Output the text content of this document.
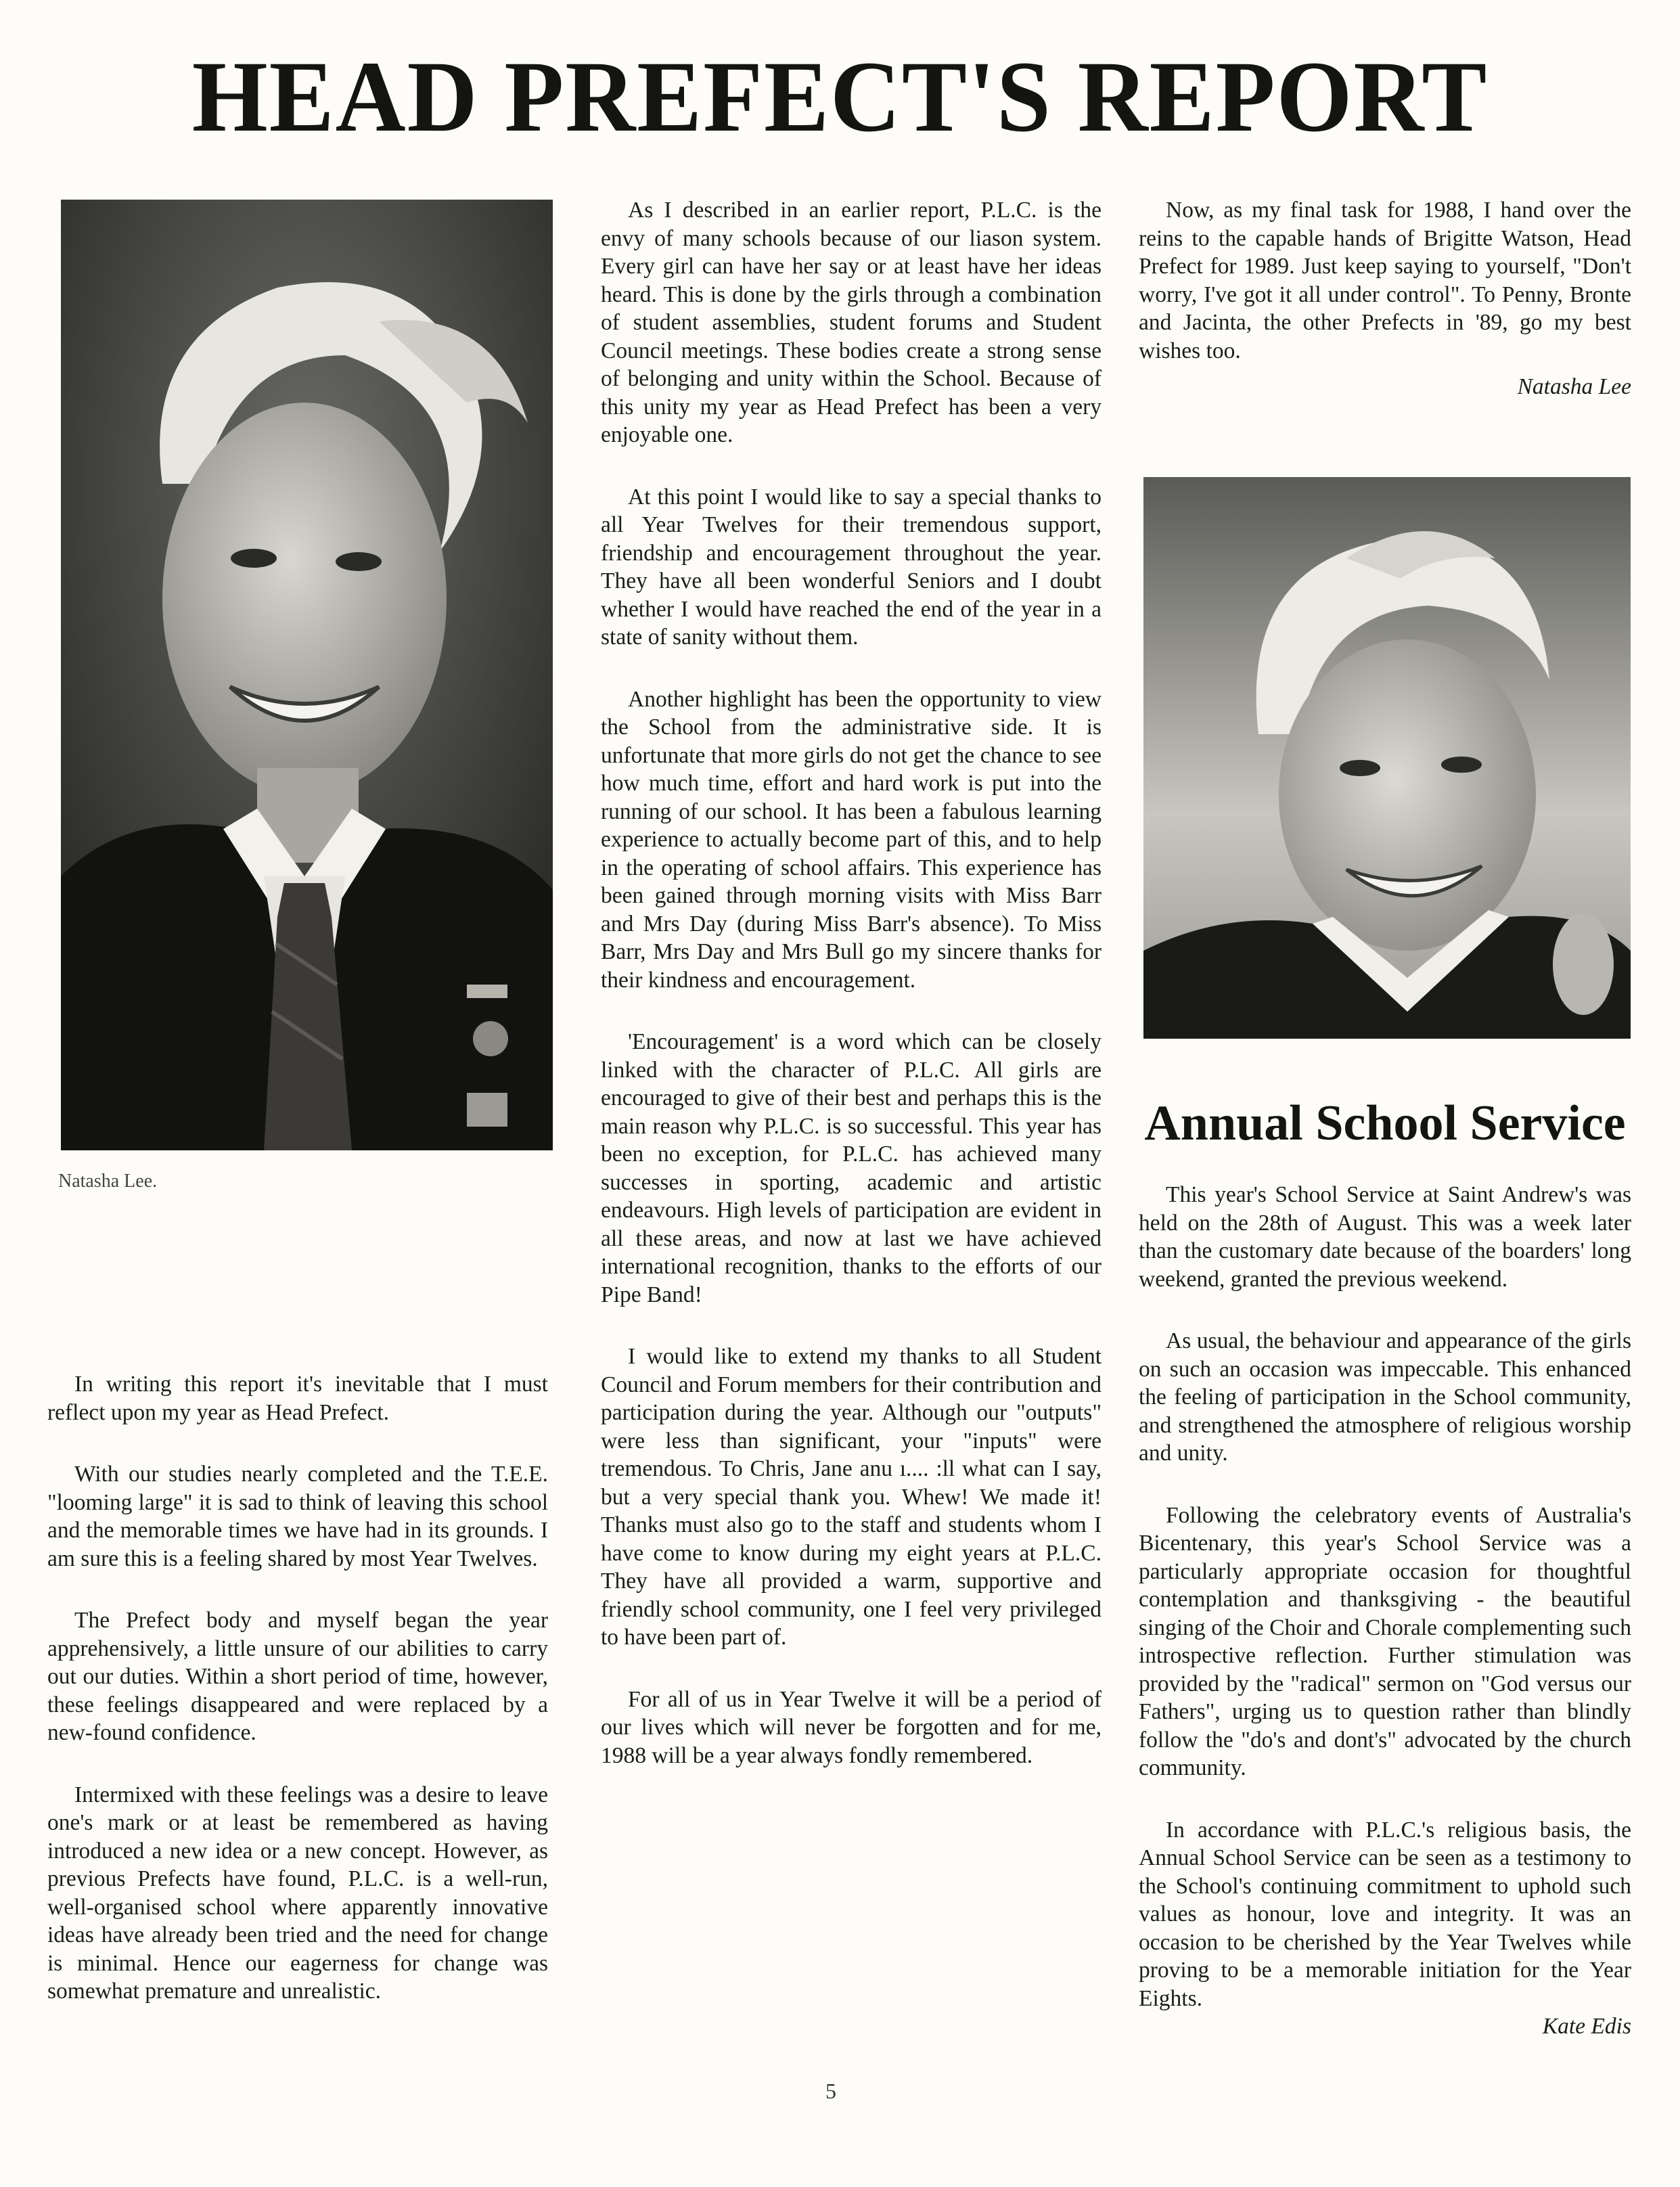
HEAD PREFECT'S REPORT
Natasha Lee.

In writing this report it's inevitable that I must reflect upon my year as Head Prefect.

With our studies nearly completed and the T.E.E. "looming large" it is sad to think of leaving this school and the memorable times we have had in its grounds. I am sure this is a feeling shared by most Year Twelves.

The Prefect body and myself began the year apprehensively, a little unsure of our abilities to carry out our duties. Within a short period of time, however, these feelings disappeared and were replaced by a new-found confidence.

Intermixed with these feelings was a desire to leave one's mark or at least be remembered as having introduced a new idea or a new concept. However, as previous Prefects have found, P.L.C. is a well-run, well-organised school where apparently innovative ideas have already been tried and the need for change is minimal. Hence our eagerness for change was somewhat premature and unrealistic.

As I described in an earlier report, P.L.C. is the envy of many schools because of our liason system. Every girl can have her say or at least have her ideas heard. This is done by the girls through a combination of student assemblies, student forums and Student Council meetings. These bodies create a strong sense of belonging and unity within the School. Because of this unity my year as Head Prefect has been a very enjoyable one.

At this point I would like to say a special thanks to all Year Twelves for their tremendous support, friendship and encouragement throughout the year. They have all been wonderful Seniors and I doubt whether I would have reached the end of the year in a state of sanity without them.

Another highlight has been the opportunity to view the School from the administrative side. It is unfortunate that more girls do not get the chance to see how much time, effort and hard work is put into the running of our school. It has been a fabulous learning experience to actually become part of this, and to help in the operating of school affairs. This experience has been gained through morning visits with Miss Barr and Mrs Day (during Miss Barr's absence). To Miss Barr, Mrs Day and Mrs Bull go my sincere thanks for their kindness and encouragement.

'Encouragement' is a word which can be closely linked with the character of P.L.C. All girls are encouraged to give of their best and perhaps this is the main reason why P.L.C. is so successful. This year has been no exception, for P.L.C. has achieved many successes in sporting, academic and artistic endeavours. High levels of participation are evident in all these areas, and now at last we have achieved international recognition, thanks to the efforts of our Pipe Band!

I would like to extend my thanks to all Student Council and Forum members for their contribution and participation during the year. Although our "outputs" were less than significant, your "inputs" were tremendous. To Chris, Jane anu ı.... :ll what can I say, but a very special thank you. Whew! We made it! Thanks must also go to the staff and students whom I have come to know during my eight years at P.L.C. They have all provided a warm, supportive and friendly school community, one I feel very privileged to have been part of.

For all of us in Year Twelve it will be a period of our lives which will never be forgotten and for me, 1988 will be a year always fondly remembered.

Now, as my final task for 1988, I hand over the reins to the capable hands of Brigitte Watson, Head Prefect for 1989. Just keep saying to yourself, "Don't worry, I've got it all under control". To Penny, Bronte and Jacinta, the other Prefects in '89, go my best wishes too.

Natasha Lee

Annual School Service

This year's School Service at Saint Andrew's was held on the 28th of August. This was a week later than the customary date because of the boarders' long weekend, granted the previous weekend.

As usual, the behaviour and appearance of the girls on such an occasion was impeccable. This enhanced the feeling of participation in the School community, and strengthened the atmosphere of religious worship and unity.

Following the celebratory events of Australia's Bicentenary, this year's School Service was a particularly appropriate occasion for thoughtful contemplation and thanksgiving - the beautiful singing of the Choir and Chorale complementing such introspective reflection. Further stimulation was provided by the "radical" sermon on "God versus our Fathers", urging us to question rather than blindly follow the "do's and dont's" advocated by the church community.

In accordance with P.L.C.'s religious basis, the Annual School Service can be seen as a testimony to the School's continuing commitment to uphold such values as honour, love and integrity. It was an occasion to be cherished by the Year Twelves while proving to be a memorable initiation for the Year Eights.

Kate Edis

5
